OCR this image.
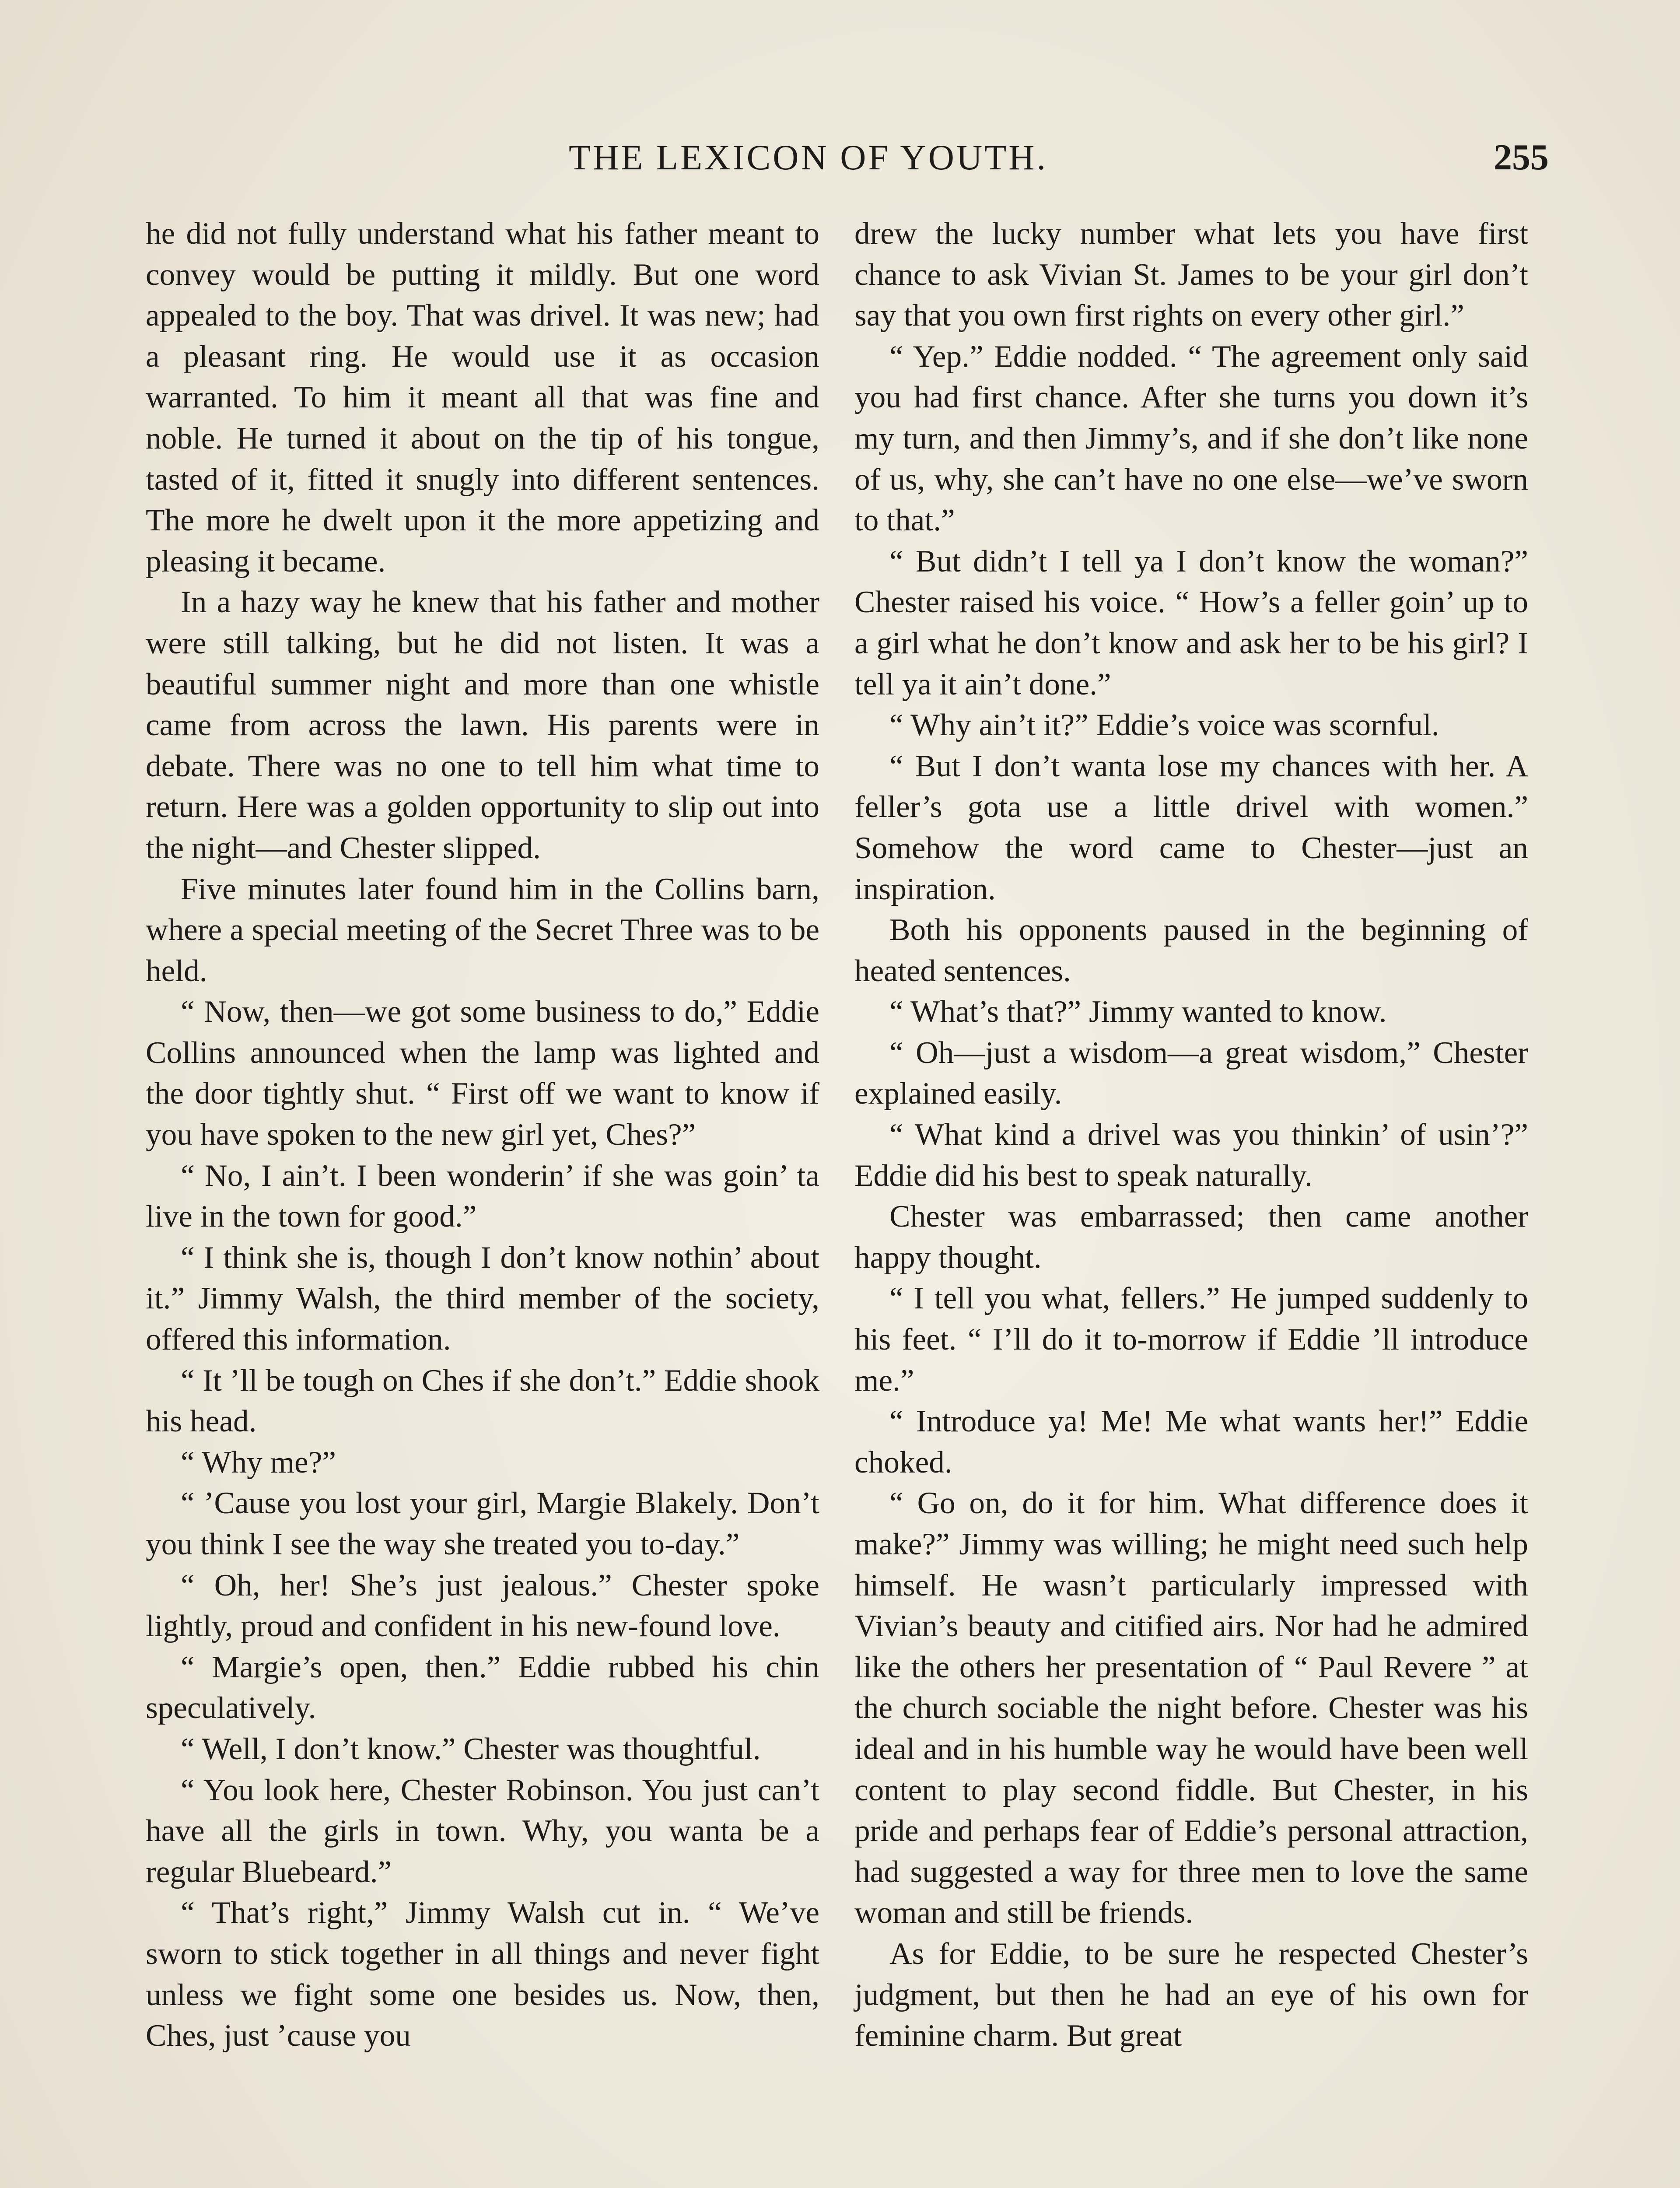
THE LEXICON OF YOUTH.	255

he did not fully understand what his father meant to convey would be putting it mildly. But one word appealed to the boy. That was drivel. It was new; had a pleasant ring. He would use it as occasion warranted. To him it meant all that was fine and noble. He turned it about on the tip of his tongue, tasted of it, fitted it snugly into different sentences. The more he dwelt upon it the more appetizing and pleasing it became.

In a hazy way he knew that his father and mother were still talking, but he did not listen. It was a beautiful summer night and more than one whistle came from across the lawn. His parents were in debate. There was no one to tell him what time to return. Here was a golden opportunity to slip out into the night—and Chester slipped.

Five minutes later found him in the Collins barn, where a special meeting of the Secret Three was to be held.

“ Now, then—we got some business to do,” Eddie Collins announced when the lamp was lighted and the door tightly shut. “ First off we want to know if you have spoken to the new girl yet, Ches?”

“ No, I ain’t. I been wonderin’ if she was goin’ ta live in the town for good.”

“ I think she is, though I don’t know nothin’ about it.” Jimmy Walsh, the third member of the society, offered this information.

“ It ’ll be tough on Ches if she don’t.” Eddie shook his head.

“ Why me?”

“ ’Cause you lost your girl, Margie Blakely. Don’t you think I see the way she treated you to-day.”

“ Oh, her! She’s just jealous.” Chester spoke lightly, proud and confident in his new-found love.

“ Margie’s open, then.” Eddie rubbed his chin speculatively.

“ Well, I don’t know.” Chester was thoughtful.

“ You look here, Chester Robinson. You just can’t have all the girls in town. Why, you wanta be a regular Bluebeard.”

“ That’s right,” Jimmy Walsh cut in. “ We’ve sworn to stick together in all things and never fight unless we fight some one besides us. Now, then, Ches, just ’cause you

drew the lucky number what lets you have first chance to ask Vivian St. James to be your girl don’t say that you own first rights on every other girl.”

“ Yep.” Eddie nodded. “ The agreement only said you had first chance. After she turns you down it’s my turn, and then Jimmy’s, and if she don’t like none of us, why, she can’t have no one else—we’ve sworn to that.”

“ But didn’t I tell ya I don’t know the woman?” Chester raised his voice. “ How’s a feller goin’ up to a girl what he don’t know and ask her to be his girl? I tell ya it ain’t done.”

“ Why ain’t it?” Eddie’s voice was scornful.

“ But I don’t wanta lose my chances with her. A feller’s gota use a little drivel with women.” Somehow the word came to Chester—just an inspiration.

Both his opponents paused in the beginning of heated sentences.

“ What’s that?” Jimmy wanted to know.

“ Oh—just a wisdom—a great wisdom,” Chester explained easily.

“ What kind a drivel was you thinkin’ of usin’?” Eddie did his best to speak naturally.

Chester was embarrassed; then came another happy thought.

“ I tell you what, fellers.” He jumped suddenly to his feet. “ I’ll do it to-morrow if Eddie ’ll introduce me.”

“ Introduce ya! Me! Me what wants her!” Eddie choked.

“ Go on, do it for him. What difference does it make?” Jimmy was willing; he might need such help himself. He wasn’t particularly impressed with Vivian’s beauty and citified airs. Nor had he admired like the others her presentation of “ Paul Revere ” at the church sociable the night before. Chester was his ideal and in his humble way he would have been well content to play second fiddle. But Chester, in his pride and perhaps fear of Eddie’s personal attraction, had suggested a way for three men to love the same woman and still be friends.

As for Eddie, to be sure he respected Chester’s judgment, but then he had an eye of his own for feminine charm. But great
